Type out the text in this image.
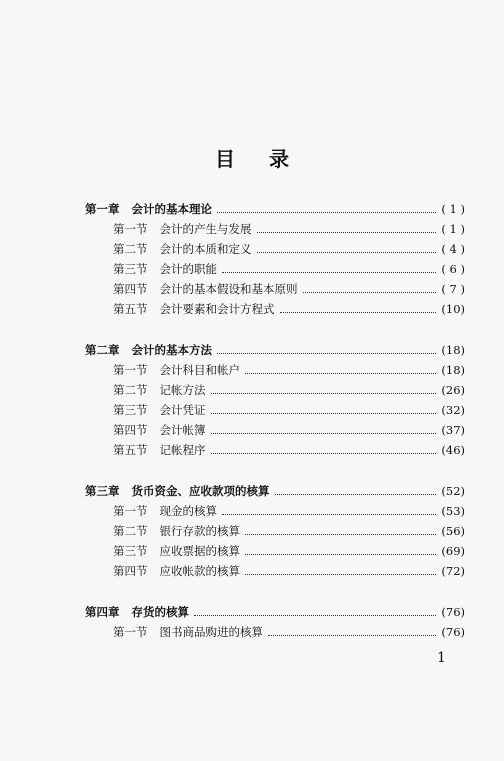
目 录
第一章 会计的基本理论	( 1 )
第一节 会计的产生与发展	( 1 )
第二节 会计的本质和定义	( 4 )
第三节 会计的职能	( 6 )
第四节 会计的基本假设和基本原则	( 7 )
第五节 会计要素和会计方程式	(10)
第二章 会计的基本方法	(18)
第一节 会计科目和帐户	(18)
第二节 记帐方法	(26)
第三节 会计凭证	(32)
第四节 会计帐簿	(37)
第五节 记帐程序	(46)
第三章 货币资金、应收款项的核算	(52)
第一节 现金的核算	(53)
第二节 银行存款的核算	(56)
第三节 应收票据的核算	(69)
第四节 应收帐款的核算	(72)
第四章 存货的核算	(76)
第一节 图书商品购进的核算	(76)
1
